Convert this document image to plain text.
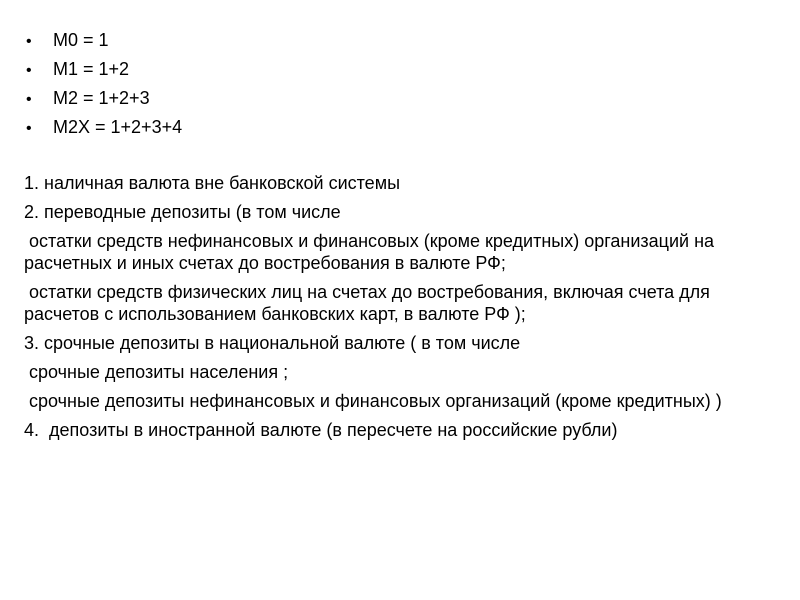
•	M0 = 1
•	M1 = 1+2
•	M2 = 1+2+3
•	M2X = 1+2+3+4

1. наличная валюта вне банковской системы

2. переводные депозиты (в том числе

остатки средств нефинансовых и финансовых (кроме кредитных) организаций на расчетных и иных счетах до востребования в валюте РФ;

остатки средств физических лиц на счетах до востребования, включая счета для расчетов с использованием банковских карт, в валюте РФ );

3. срочные депозиты в национальной валюте ( в том числе

срочные депозиты населения ;

срочные депозиты нефинансовых и финансовых организаций (кроме кредитных) )

4.  депозиты в иностранной валюте (в пересчете на российские рубли)
